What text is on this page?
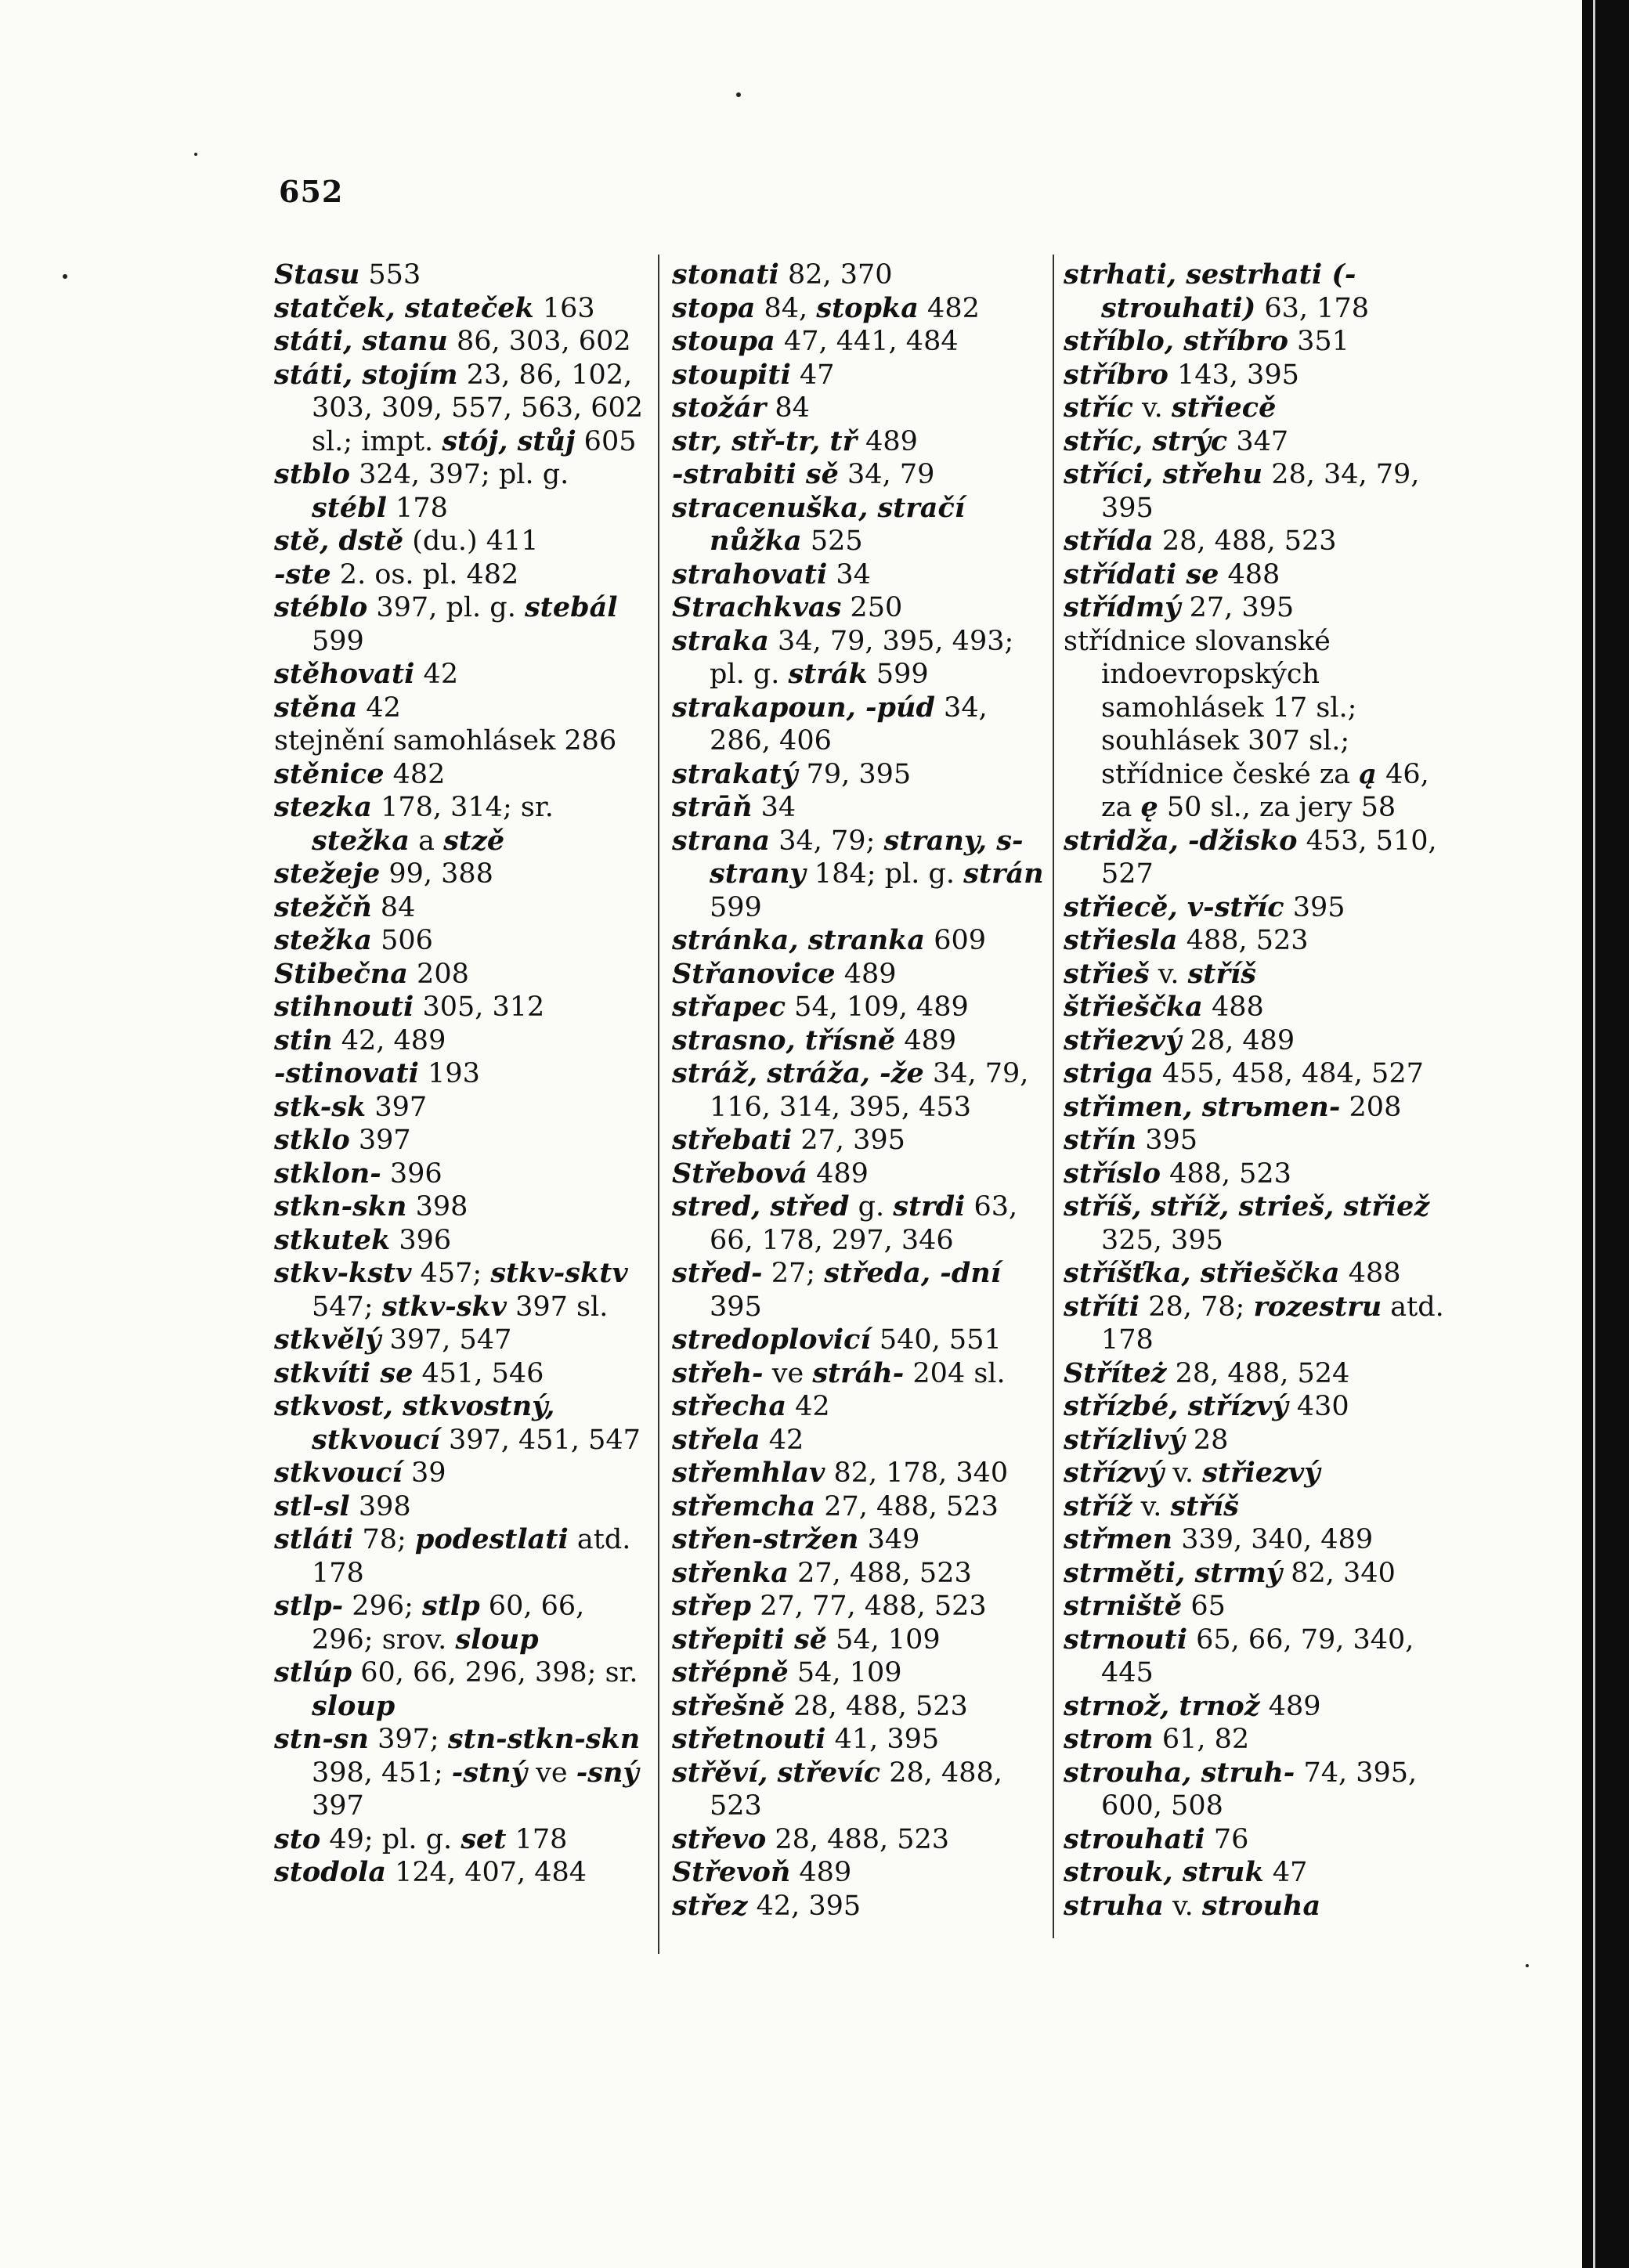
652
Stasu 553
statček, stateček 163
státi, stanu 86, 303, 602
státi, stojím 23, 86, 102, 303, 309, 557, 563, 602 sl.; impt. stój, stůj 605
stblo 324, 397; pl. g. stébl 178
stě, dstě (du.) 411
-ste 2. os. pl. 482
stéblo 397, pl. g. stebál 599
stěhovati 42
stěna 42
stejnění samohlásek 286
stěnice 482
stezka 178, 314; sr. stežka a stzě
stežeje 99, 388
stežčň 84
stežka 506
Stibečna 208
stihnouti 305, 312
stin 42, 489
-stinovati 193
stk-sk 397
stklo 397
stklon- 396
stkn-skn 398
stkutek 396
stkv-kstv 457; stkv-sktv 547; stkv-skv 397 sl.
stkvělý 397, 547
stkvíti se 451, 546
stkvost, stkvostný, stkvoucí 397, 451, 547
stkvoucí 39
stl-sl 398
stláti 78; podestlati atd. 178
stlp- 296; stlp 60, 66, 296; srov. sloup
stlúp 60, 66, 296, 398; sr. sloup
stn-sn 397; stn-stkn-skn 398, 451; -stný ve -sný 397
sto 49; pl. g. set 178
stodola 124, 407, 484
stonati 82, 370
stopa 84, stopka 482
stoupa 47, 441, 484
stoupiti 47
stožár 84
str, stř-tr, tř 489
-strabiti sě 34, 79
stracenuška, stračí nůžka 525
strahovati 34
Strachkvas 250
straka 34, 79, 395, 493; pl. g. strák 599
strakapoun, -púd 34, 286, 406
strakatý 79, 395
strāň 34
strana 34, 79; strany, s-strany 184; pl. g. strán 599
stránka, stranka 609
Střanovice 489
střapec 54, 109, 489
strasno, třísně 489
stráž, stráža, -že 34, 79, 116, 314, 395, 453
střebati 27, 395
Střebová 489
stred, střed g. strdi 63, 66, 178, 297, 346
střed- 27; středa, -dní 395
stredoplovicí 540, 551
střeh- ve stráh- 204 sl.
střecha 42
střela 42
střemhlav 82, 178, 340
střemcha 27, 488, 523
střen-stržen 349
střenka 27, 488, 523
střep 27, 77, 488, 523
střepiti sě 54, 109
střépně 54, 109
střešně 28, 488, 523
střetnouti 41, 395
střěví, střevíc 28, 488, 523
střevo 28, 488, 523
Střevoň 489
střez 42, 395
strhati, sestrhati (-strouhati) 63, 178
stříblo, stříbro 351
stříbro 143, 395
stříc v. střiecě
stříc, strýc 347
stříci, střehu 28, 34, 79, 395
střída 28, 488, 523
střídati se 488
střídmý 27, 395
střídnice slovanské indoevropských samohlásek 17 sl.; souhlásek 307 sl.; střídnice české za ą 46, za ę 50 sl., za jery 58
stridža, -džisko 453, 510, 527
střiecě, v-stříc 395
střiesla 488, 523
střieš v. stříš
štřieščka 488
střiezvý 28, 489
striga 455, 458, 484, 527
střimen, strьmen- 208
střín 395
stříslo 488, 523
stříš, stříž, strieš, střiež 325, 395
stříšťka, střieščka 488
stříti 28, 78; rozestru atd. 178
Stříteż 28, 488, 524
střízbé, střízvý 430
střízlivý 28
střízvý v. střiezvý
stříž v. stříš
střmen 339, 340, 489
strměti, strmý 82, 340
strniště 65
strnouti 65, 66, 79, 340, 445
strnož, trnož 489
strom 61, 82
strouha, struh- 74, 395, 600, 508
strouhati 76
strouk, struk 47
struha v. strouha
